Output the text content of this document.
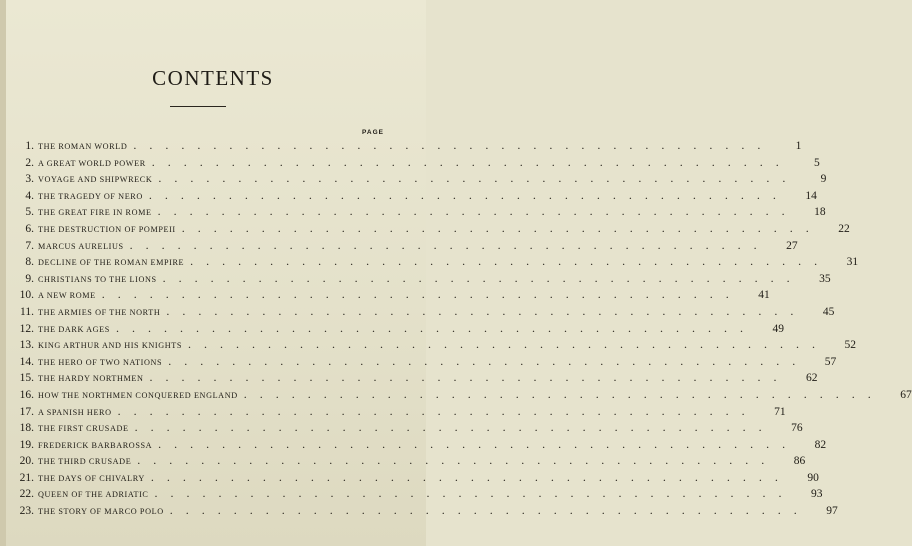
CONTENTS
PAGE
1. THE ROMAN WORLD ........................................	1
2. A GREAT WORLD POWER ........................................	5
3. VOYAGE AND SHIPWRECK ........................................	9
4. THE TRAGEDY OF NERO ........................................	14
5. THE GREAT FIRE IN ROME ........................................	18
6. THE DESTRUCTION OF POMPEII ........................................	22
7. MARCUS AURELIUS ........................................	27
8. DECLINE OF THE ROMAN EMPIRE ........................................	31
9. CHRISTIANS TO THE LIONS ........................................	35
10. A NEW ROME ........................................	41
11. THE ARMIES OF THE NORTH ........................................	45
12. THE DARK AGES ........................................	49
13. KING ARTHUR AND HIS KNIGHTS ........................................	52
14. THE HERO OF TWO NATIONS ........................................	57
15. THE HARDY NORTHMEN ........................................	62
16. HOW THE NORTHMEN CONQUERED ENGLAND ........................................	67
17. A SPANISH HERO ........................................	71
18. THE FIRST CRUSADE ........................................	76
19. FREDERICK BARBAROSSA ........................................	82
20. THE THIRD CRUSADE ........................................	86
21. THE DAYS OF CHIVALRY ........................................	90
22. QUEEN OF THE ADRIATIC ........................................	93
23. THE STORY OF MARCO POLO ........................................	97
